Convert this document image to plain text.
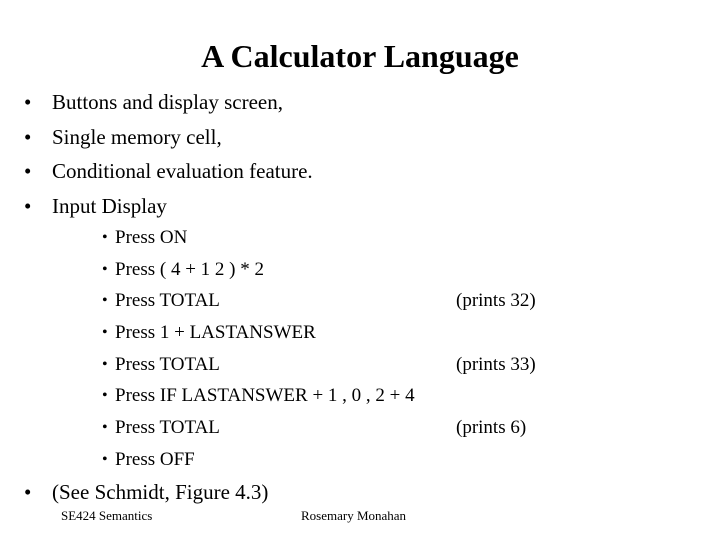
A Calculator Language
• Buttons and display screen,
• Single memory cell,
• Conditional evaluation feature.
• Input Display
• Press ON
• Press ( 4 + 1 2 ) * 2
• Press TOTAL	(prints 32)
• Press 1 + LASTANSWER
• Press TOTAL	(prints 33)
• Press IF LASTANSWER + 1 , 0 , 2 + 4
• Press TOTAL	(prints 6)
• Press OFF
• (See Schmidt, Figure 4.3)
SE424 Semantics	Rosemary Monahan
